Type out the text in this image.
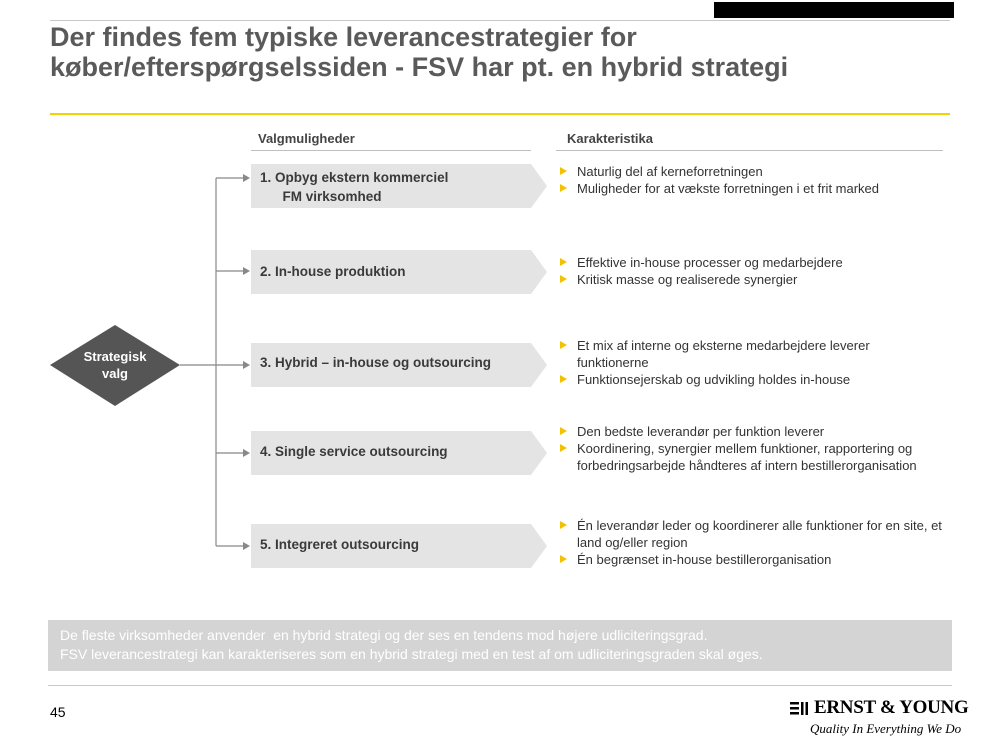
Der findes fem typiske leverancestrategier for
køber/efterspørgselssiden - FSV har pt. en hybrid strategi
Valgmuligheder	Karakteristika
Strategisk
valg
1. Opbyg ekstern kommerciel
FM virksomhed
Naturlig del af kerneforretningen
Muligheder for at vækste forretningen i et frit marked
2. In-house produktion
Effektive in-house processer og medarbejdere
Kritisk masse og realiserede synergier
3. Hybrid – in-house og outsourcing
Et mix af interne og eksterne medarbejdere leverer funktionerne
Funktionsejerskab og udvikling holdes in-house
4. Single service outsourcing
Den bedste leverandør per funktion leverer
Koordinering, synergier mellem funktioner, rapportering og forbedringsarbejde håndteres af intern bestillerorganisation
5. Integreret outsourcing
Én leverandør leder og koordinerer alle funktioner for en site, et land og/eller region
Én begrænset in-house bestillerorganisation
De fleste virksomheder anvender  en hybrid strategi og der ses en tendens mod højere udliciteringsgrad.
FSV leverancestrategi kan karakteriseres som en hybrid strategi med en test af om udliciteringsgraden skal øges.
45	ERNST & YOUNG
Quality In Everything We Do
